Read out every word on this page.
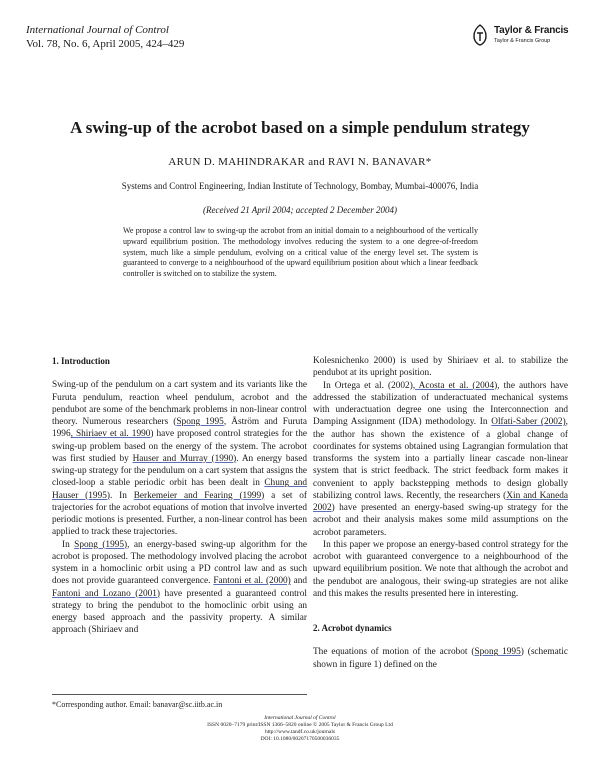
International Journal of Control
Vol. 78, No. 6, April 2005, 424–429
Taylor & Francis
Taylor & Francis Group
A swing-up of the acrobot based on a simple pendulum strategy
ARUN D. MAHINDRAKAR and RAVI N. BANAVAR*
Systems and Control Engineering, Indian Institute of Technology, Bombay, Mumbai-400076, India
(Received 21 April 2004; accepted 2 December 2004)
We propose a control law to swing-up the acrobot from an initial domain to a neighbourhood of the vertically upward equilibrium position. The methodology involves reducing the system to a one degree-of-freedom system, much like a simple pendulum, evolving on a critical value of the energy level set. The system is guaranteed to converge to a neighbourhood of the upward equilibrium position about which a linear feedback controller is switched on to stabilize the system.

1. Introduction

Swing-up of the pendulum on a cart system and its variants like the Furuta pendulum, reaction wheel pendulum, acrobot and the pendubot are some of the benchmark problems in non-linear control theory. Numerous researchers (Spong 1995, Åström and Furuta 1996, Shiriaev et al. 1990) have proposed control strategies for the swing-up problem based on the energy of the system. The acrobot was first studied by Hauser and Murray (1990). An energy based swing-up strategy for the pendulum on a cart system that assigns the closed-loop a stable periodic orbit has been dealt in Chung and Hauser (1995). In Berkemeier and Fearing (1999) a set of trajectories for the acrobot equations of motion that involve inverted periodic motions is presented. Further, a non-linear control has been applied to track these trajectories.

In Spong (1995), an energy-based swing-up algorithm for the acrobot is proposed. The methodology involved placing the acrobot system in a homoclinic orbit using a PD control law and as such does not provide guaranteed convergence. Fantoni et al. (2000) and Fantoni and Lozano (2001) have presented a guaranteed control strategy to bring the pendubot to the homoclinic orbit using an energy based approach and the passivity property. A similar approach (Shiriaev and

Kolesnichenko 2000) is used by Shiriaev et al. to stabilize the pendubot at its upright position.

In Ortega et al. (2002), Acosta et al. (2004), the authors have addressed the stabilization of underactuated mechanical systems with underactuation degree one using the Interconnection and Damping Assignment (IDA) methodology. In Olfati-Saber (2002), the author has shown the existence of a global change of coordinates for systems obtained using Lagrangian formulation that transforms the system into a partially linear cascade non-linear system that is strict feedback. The strict feedback form makes it convenient to apply backstepping methods to design globally stabilizing control laws. Recently, the researchers (Xin and Kaneda 2002) have presented an energy-based swing-up strategy for the acrobot and their analysis makes some mild assumptions on the acrobot parameters.

In this paper we propose an energy-based control strategy for the acrobot with guaranteed convergence to a neighbourhood of the upward equilibrium position. We note that although the acrobot and the pendubot are analogous, their swing-up strategies are not alike and this makes the results presented here in interesting.

2. Acrobot dynamics

The equations of motion of the acrobot (Spong 1995) (schematic shown in figure 1) defined on the

*Corresponding author. Email: banavar@sc.iitb.ac.in
International Journal of Control
ISSN 0020–7179 print/ISSN 1366–5820 online © 2005 Taylor & Francis Group Ltd
http://www.tandf.co.uk/journals
DOI: 10.1080/00207170500036035
